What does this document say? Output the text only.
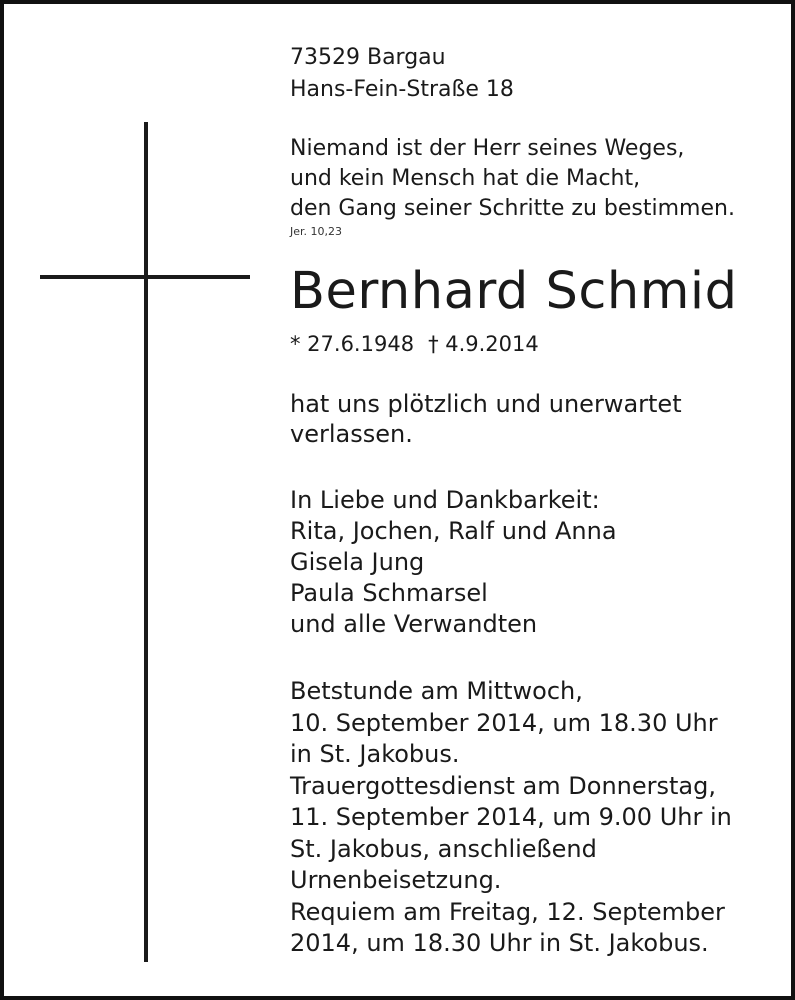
73529 Bargau
Hans-Fein-Straße 18
Niemand ist der Herr seines Weges,
und kein Mensch hat die Macht,
den Gang seiner Schritte zu bestimmen.
Jer. 10,23
Bernhard Schmid
* 27.6.1948 † 4.9.2014
hat uns plötzlich und unerwartet
verlassen.
In Liebe und Dankbarkeit:
Rita, Jochen, Ralf und Anna
Gisela Jung
Paula Schmarsel
und alle Verwandten
Betstunde am Mittwoch,
10. September 2014, um 18.30 Uhr
in St. Jakobus.
Trauergottesdienst am Donnerstag,
11. September 2014, um 9.00 Uhr in
St. Jakobus, anschließend
Urnenbeisetzung.
Requiem am Freitag, 12. September
2014, um 18.30 Uhr in St. Jakobus.
